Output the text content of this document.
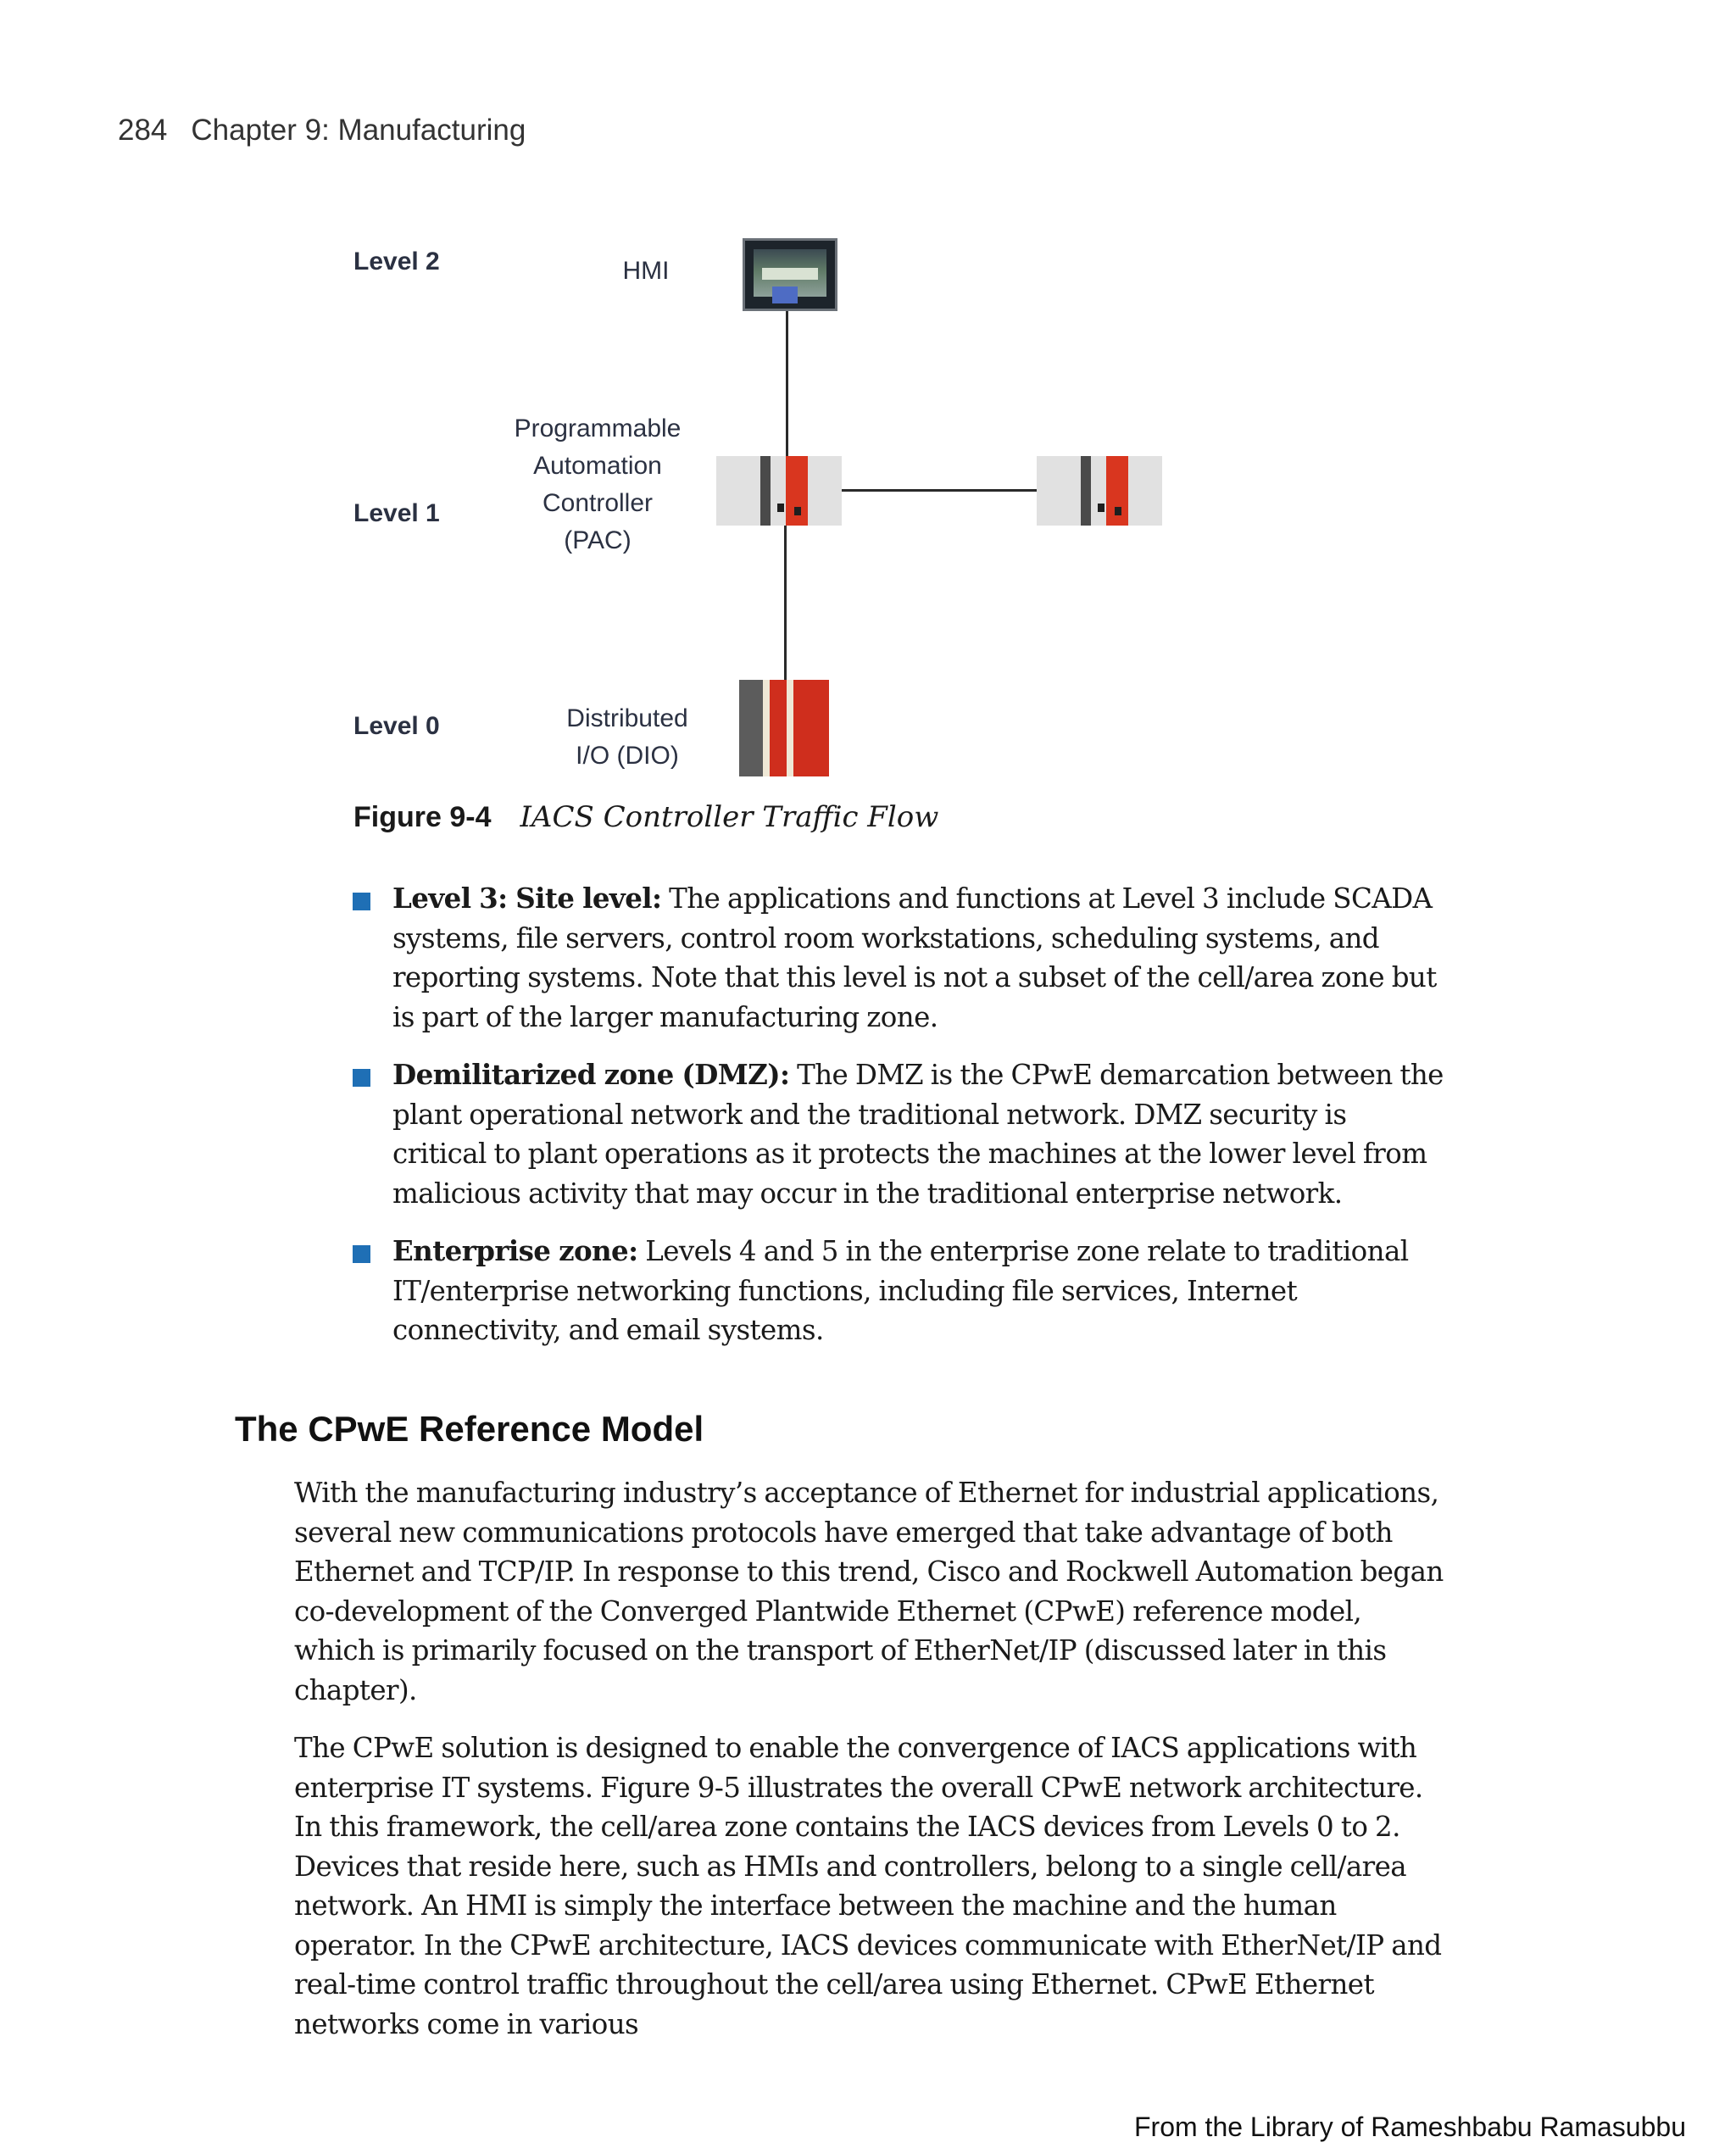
284 Chapter 9: Manufacturing
Level 2
Level 1
Level 0
HMI
Programmable
Automation
Controller
(PAC)
Distributed
I/O (DIO)
Figure 9-4 IACS Controller Traffic Flow
Level 3: Site level: The applications and functions at Level 3 include SCADA systems, file servers, control room workstations, scheduling systems, and reporting systems. Note that this level is not a subset of the cell/area zone but is part of the larger manufacturing zone.
Demilitarized zone (DMZ): The DMZ is the CPwE demarcation between the plant operational network and the traditional network. DMZ security is critical to plant operations as it protects the machines at the lower level from malicious activity that may occur in the traditional enterprise network.
Enterprise zone: Levels 4 and 5 in the enterprise zone relate to traditional IT/enterprise networking functions, including file services, Internet connectivity, and email systems.
The CPwE Reference Model

With the manufacturing industry’s acceptance of Ethernet for industrial applications, several new communications protocols have emerged that take advantage of both Ethernet and TCP/IP. In response to this trend, Cisco and Rockwell Automation began co-development of the Converged Plantwide Ethernet (CPwE) reference model, which is primarily focused on the transport of EtherNet/IP (discussed later in this chapter).

The CPwE solution is designed to enable the convergence of IACS applications with enterprise IT systems. Figure 9-5 illustrates the overall CPwE network architecture. In this framework, the cell/area zone contains the IACS devices from Levels 0 to 2. Devices that reside here, such as HMIs and controllers, belong to a single cell/area network. An HMI is simply the interface between the machine and the human operator. In the CPwE architecture, IACS devices communicate with EtherNet/IP and real-time control traffic throughout the cell/area using Ethernet. CPwE Ethernet networks come in various

From the Library of Rameshbabu Ramasubbu
